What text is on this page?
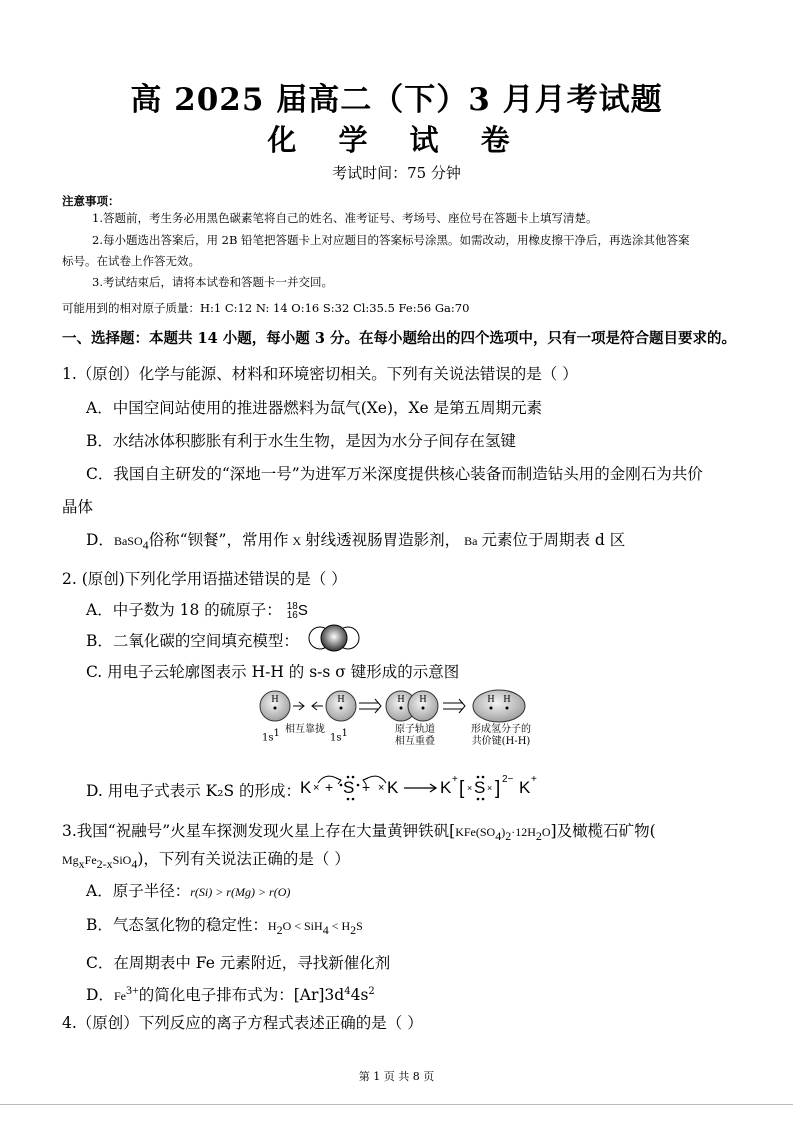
高 2025 届高二（下）3 月月考试题
化 学 试 卷
考试时间：75 分钟
注意事项：
1.答题前，考生务必用黑色碳素笔将自己的姓名、准考证号、考场号、座位号在答题卡上填写清楚。
2.每小题选出答案后，用 2B 铅笔把答题卡上对应题目的答案标号涂黑。如需改动，用橡皮擦干净后，再选涂其他答案
标号。在试卷上作答无效。
3.考试结束后，请将本试卷和答题卡一并交回。
可能用到的相对原子质量：H:1 C:12 N: 14 O:16 S:32 Cl:35.5 Fe:56 Ga:70
一、选择题：本题共 14 小题，每小题 3 分。在每小题给出的四个选项中，只有一项是符合题目要求的。
1.（原创）化学与能源、材料和环境密切相关。下列有关说法错误的是（ ）
A．中国空间站使用的推进器燃料为氙气(Xe)，Xe 是第五周期元素
B．水结冰体积膨胀有利于水生生物，是因为水分子间存在氢键
C．我国自主研发的“深地一号”为进军万米深度提供核心装备而制造钻头用的金刚石为共价
晶体
D．BaSO$_4$俗称“钡餐”，常用作 X 射线透视肠胃造影剂， Ba 元素位于周期表 d 区
2. (原创)下列化学用语描述错误的是（ ）
A．中子数为 18 的硫原子： 18
16 S
B．二氧化碳的空间填充模型：
C. 用电子云轮廓图表示 H-H 的 s-s σ 键形成的示意图
H	H	H H	H H
$1s^1$ 相互靠拢
$1s^1$	原子轨道
相互重叠
形成氢分子的
共价键(H-H)
D. 用电子式表示 K₂S 的形成： K × + S + × K K + [ × S × ] 2− K +
3.我国“祝融号”火星车探测发现火星上存在大量黄钾铁矾$[KFe(SO_4)_2\cdot 12H_2O]$及橄榄石矿物(
$Mg_xFe_{2-x}SiO_4$)，下列有关说法正确的是（ ）
A．原子半径：r(Si) > r(Mg) > r(O)
B．气态氢化物的稳定性：$H_2O < SiH_4 < H_2S$
C．在周期表中 Fe 元素附近，寻找新催化剂
D．$Fe^{3+}$的简化电子排布式为：$[Ar]3d^44s^2$
4.（原创）下列反应的离子方程式表述正确的是（ ）
第 1 页 共 8 页
